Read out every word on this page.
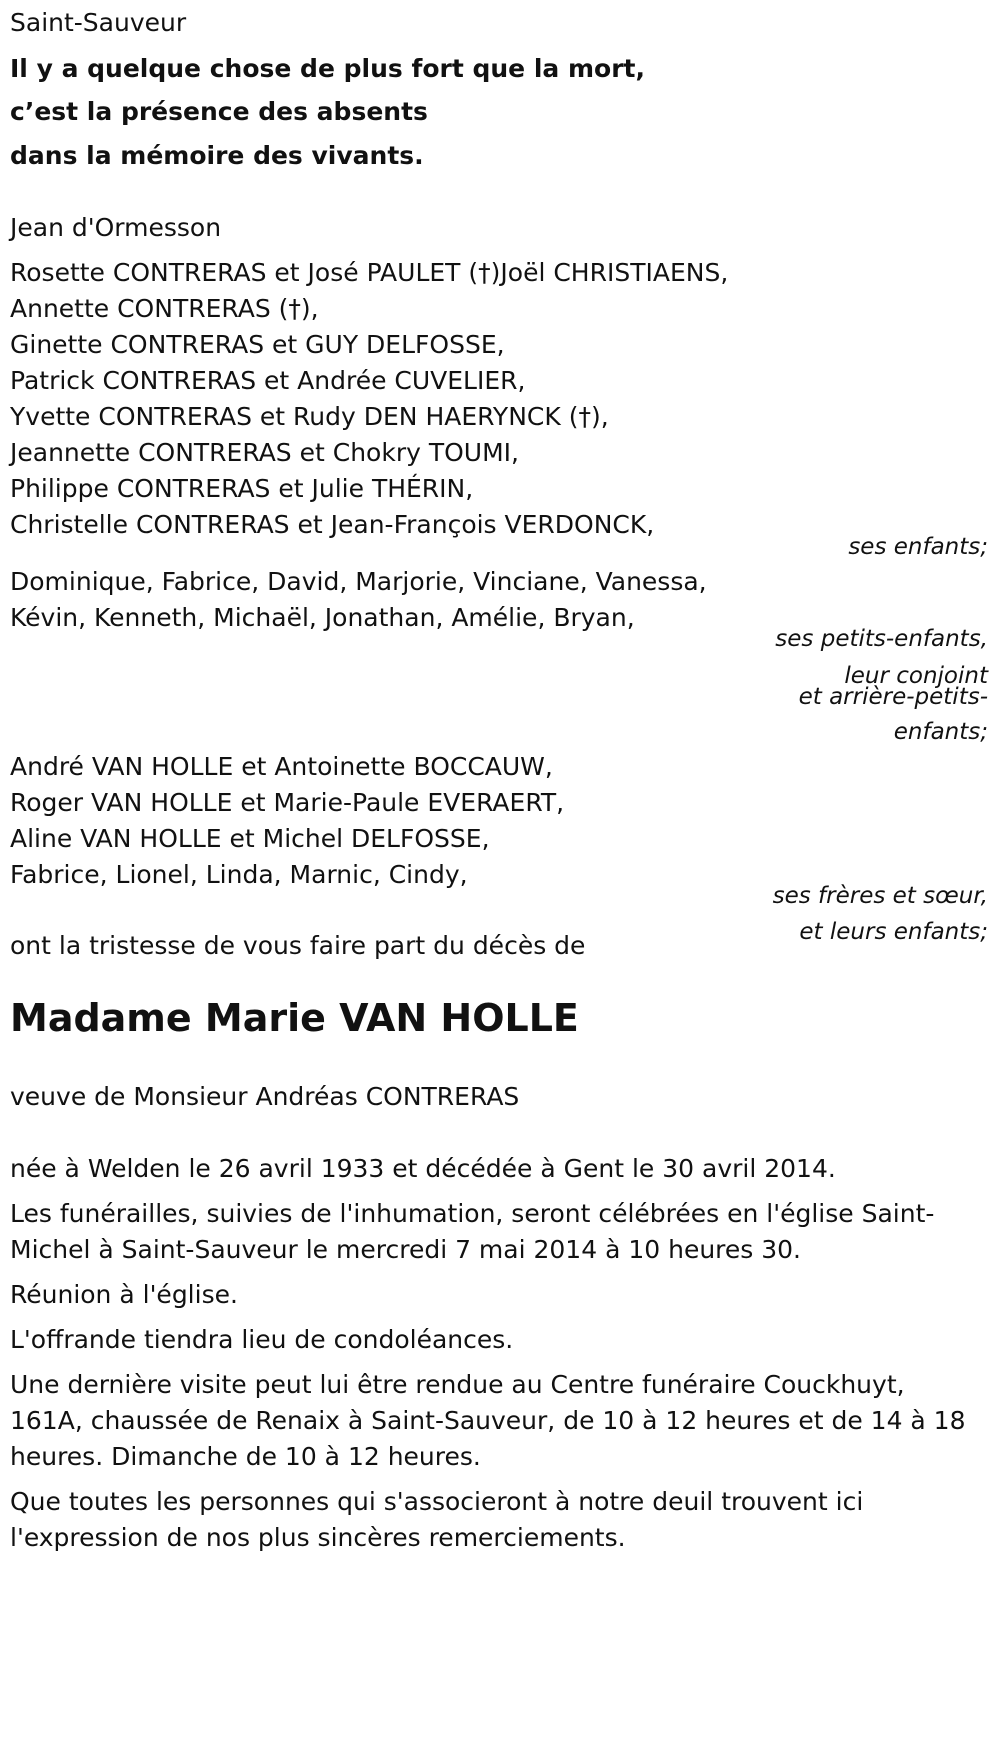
Saint-Sauveur
Il y a quelque chose de plus fort que la mort,
c’est la présence des absents
dans la mémoire des vivants.
Jean d'Ormesson
Rosette CONTRERAS et José PAULET (†)Joël CHRISTIAENS,
Annette CONTRERAS (†),
Ginette CONTRERAS et GUY DELFOSSE,
Patrick CONTRERAS et Andrée CUVELIER,
Yvette CONTRERAS et Rudy DEN HAERYNCK (†),
Jeannette CONTRERAS et Chokry TOUMI,
Philippe CONTRERAS et Julie THÉRIN,
Christelle CONTRERAS et Jean-François VERDONCK,
ses enfants;
Dominique, Fabrice, David, Marjorie, Vinciane, Vanessa,
Kévin, Kenneth, Michaël, Jonathan, Amélie, Bryan,
ses petits-enfants,
leur conjoint
et arrière-petits-
enfants;
André VAN HOLLE et Antoinette BOCCAUW,
Roger VAN HOLLE et Marie-Paule EVERAERT,
Aline VAN HOLLE et Michel DELFOSSE,
Fabrice, Lionel, Linda, Marnic, Cindy,
ses frères et sœur,
et leurs enfants;
ont la tristesse de vous faire part du décès de
Madame Marie VAN HOLLE
veuve de Monsieur Andréas CONTRERAS
née à Welden le 26 avril 1933 et décédée à Gent le 30 avril 2014.
Les funérailles, suivies de l'inhumation, seront célébrées en l'église Saint-
Michel à Saint-Sauveur le mercredi 7 mai 2014 à 10 heures 30.
Réunion à l'église.
L'offrande tiendra lieu de condoléances.
Une dernière visite peut lui être rendue au Centre funéraire Couckhuyt,
161A, chaussée de Renaix à Saint-Sauveur, de 10 à 12 heures et de 14 à 18
heures. Dimanche de 10 à 12 heures.
Que toutes les personnes qui s'associeront à notre deuil trouvent ici
l'expression de nos plus sincères remerciements.
